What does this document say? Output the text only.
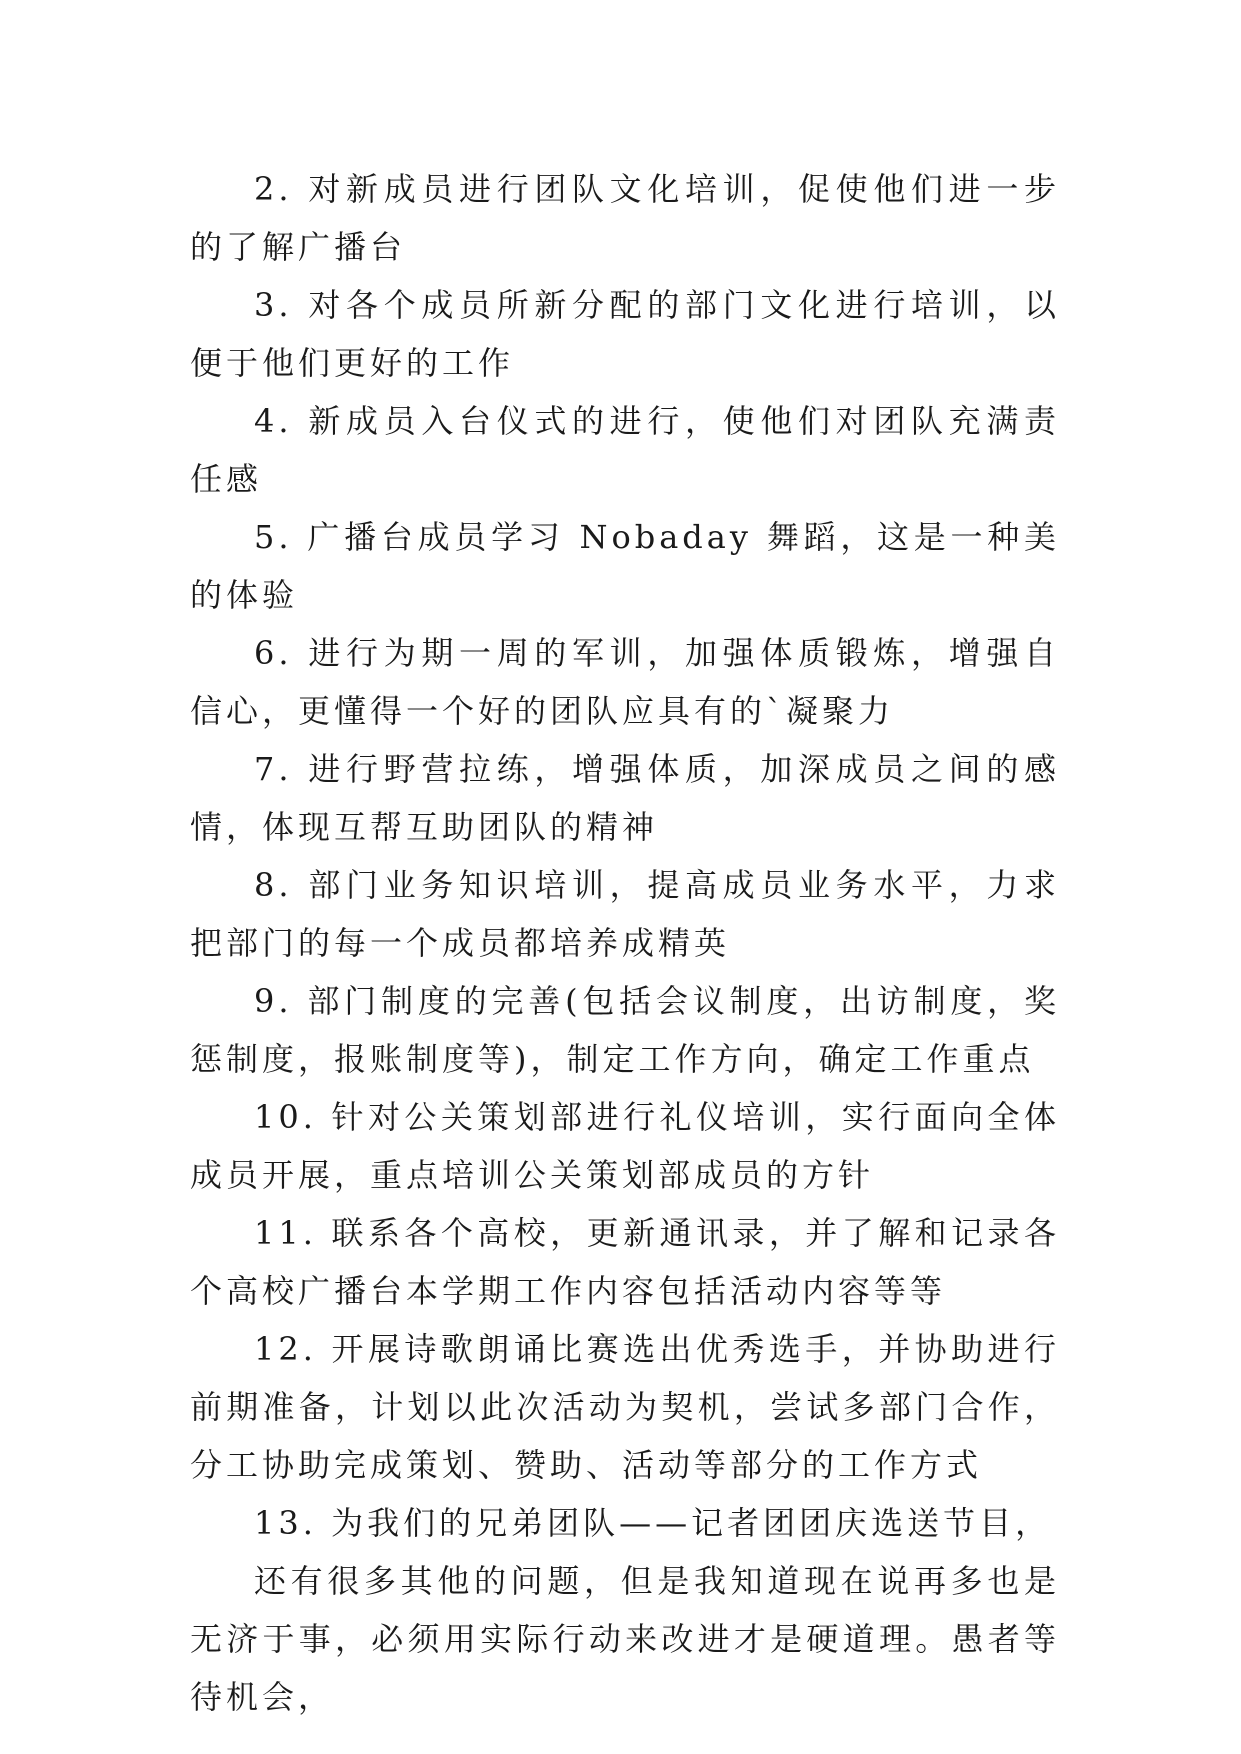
2. 对新成员进行团队文化培训，促使他们进一步的了解广播台

3. 对各个成员所新分配的部门文化进行培训，以便于他们更好的工作

4. 新成员入台仪式的进行，使他们对团队充满责任感

5. 广播台成员学习 Nobaday 舞蹈，这是一种美的体验

6. 进行为期一周的军训，加强体质锻炼，增强自信心，更懂得一个好的团队应具有的`凝聚力

7. 进行野营拉练，增强体质，加深成员之间的感情，体现互帮互助团队的精神

8. 部门业务知识培训，提高成员业务水平，力求把部门的每一个成员都培养成精英

9. 部门制度的完善(包括会议制度，出访制度，奖惩制度，报账制度等)，制定工作方向，确定工作重点

10. 针对公关策划部进行礼仪培训，实行面向全体成员开展，重点培训公关策划部成员的方针

11. 联系各个高校，更新通讯录，并了解和记录各个高校广播台本学期工作内容包括活动内容等等

12. 开展诗歌朗诵比赛选出优秀选手，并协助进行前期准备，计划以此次活动为契机，尝试多部门合作，分工协助完成策划、赞助、活动等部分的工作方式

13. 为我们的兄弟团队——记者团团庆选送节目，

还有很多其他的问题，但是我知道现在说再多也是无济于事，必须用实际行动来改进才是硬道理。愚者等待机会，
